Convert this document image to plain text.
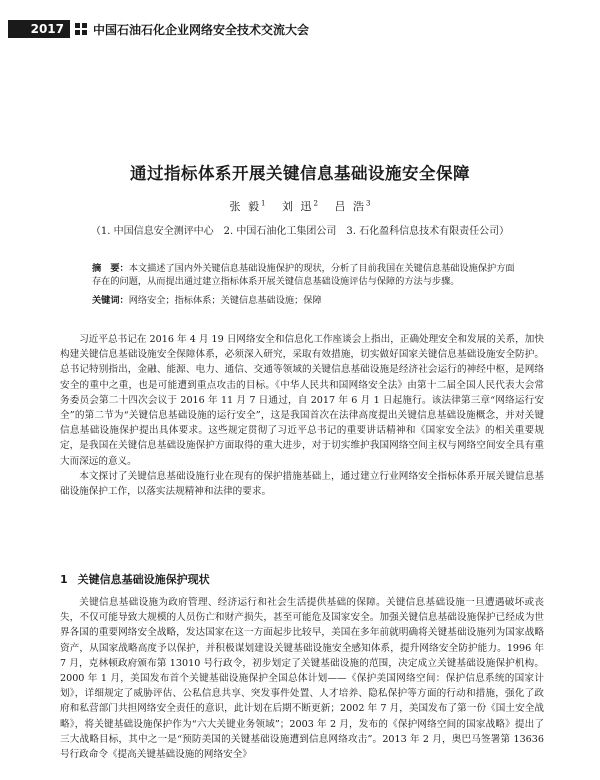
2017	中国石油石化企业网络安全技术交流大会
通过指标体系开展关键信息基础设施安全保障
张 毅$^1$ 刘 迅$^2$ 吕 浩$^3$
（1. 中国信息安全测评中心　2. 中国石油化工集团公司　3. 石化盈科信息技术有限责任公司）
摘　要：本文描述了国内外关键信息基础设施保护的现状，分析了目前我国在关键信息基础设施保护方面存在的问题，从而提出通过建立指标体系开展关键信息基础设施评估与保障的方法与步骤。
关键词：网络安全；指标体系；关键信息基础设施；保障

习近平总书记在 2016 年 4 月 19 日网络安全和信息化工作座谈会上指出，正确处理安全和发展的关系，加快构建关键信息基础设施安全保障体系，必须深入研究，采取有效措施，切实做好国家关键信息基础设施安全防护。总书记特别指出，金融、能源、电力、通信、交通等领域的关键信息基础设施是经济社会运行的神经中枢，是网络安全的重中之重，也是可能遭到重点攻击的目标。《中华人民共和国网络安全法》由第十二届全国人民代表大会常务委员会第二十四次会议于 2016 年 11 月 7 日通过，自 2017 年 6 月 1 日起施行。该法律第三章“网络运行安全”的第二节为“关键信息基础设施的运行安全”，这是我国首次在法律高度提出关键信息基础设施概念，并对关键信息基础设施保护提出具体要求。这些规定贯彻了习近平总书记的重要讲话精神和《国家安全法》的相关重要规定，是我国在关键信息基础设施保护方面取得的重大进步，对于切实维护我国网络空间主权与网络空间安全具有重大而深远的意义。

本文探讨了关键信息基础设施行业在现有的保护措施基础上，通过建立行业网络安全指标体系开展关键信息基础设施保护工作，以落实法规精神和法律的要求。

1 关键信息基础设施保护现状

关键信息基础设施为政府管理、经济运行和社会生活提供基础的保障。关键信息基础设施一旦遭遇破坏或丧失，不仅可能导致大规模的人员伤亡和财产损失，甚至可能危及国家安全。加强关键信息基础设施保护已经成为世界各国的重要网络安全战略，发达国家在这一方面起步比较早，美国在多年前就明确将关键基础设施列为国家战略资产，从国家战略高度予以保护，并积极谋划建设关键基础设施安全感知体系，提升网络安全防护能力。1996 年 7 月，克林顿政府颁布第 13010 号行政令，初步划定了关键基础设施的范围，决定成立关键基础设施保护机构。2000 年 1 月，美国发布首个关键基础设施保护全国总体计划——《保护美国网络空间：保护信息系统的国家计划》，详细规定了威胁评估、公私信息共享、突发事件处置、人才培养、隐私保护等方面的行动和措施，强化了政府和私营部门共担网络安全责任的意识，此计划在后期不断更新；2002 年 7 月，美国发布了第一份《国土安全战略》，将关键基础设施保护作为“六大关键业务领域”；2003 年 2 月，发布的《保护网络空间的国家战略》提出了三大战略目标，其中之一是“预防美国的关键基础设施遭到信息网络攻击”。2013 年 2 月，奥巴马签署第 13636 号行政命令《提高关键基础设施的网络安全》
